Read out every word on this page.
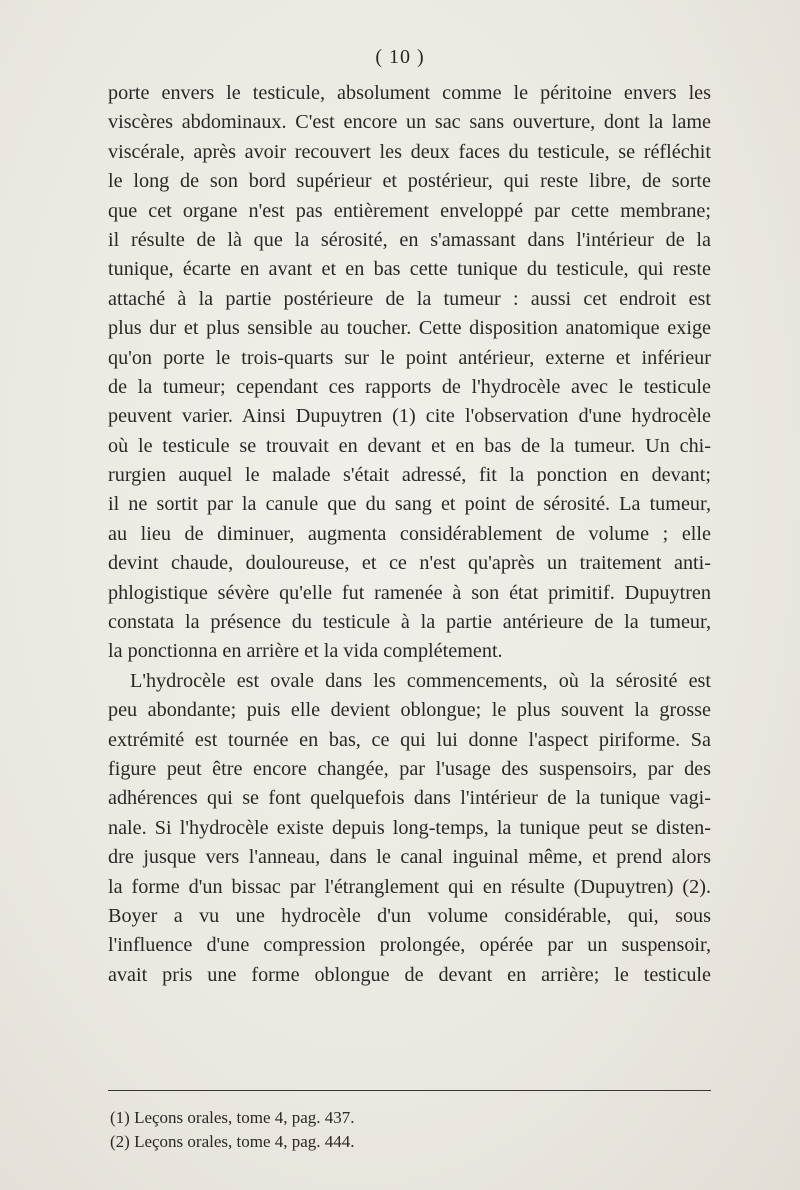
( 10 )
porte envers le testicule, absolument comme le péritoine envers les
viscères abdominaux. C'est encore un sac sans ouverture, dont la lame
viscérale, après avoir recouvert les deux faces du testicule, se réfléchit
le long de son bord supérieur et postérieur, qui reste libre, de sorte
que cet organe n'est pas entièrement enveloppé par cette membrane;
il résulte de là que la sérosité, en s'amassant dans l'intérieur de la
tunique, écarte en avant et en bas cette tunique du testicule, qui reste
attaché à la partie postérieure de la tumeur : aussi cet endroit est
plus dur et plus sensible au toucher. Cette disposition anatomique exige
qu'on porte le trois-quarts sur le point antérieur, externe et inférieur
de la tumeur; cependant ces rapports de l'hydrocèle avec le testicule
peuvent varier. Ainsi Dupuytren (1) cite l'observation d'une hydrocèle
où le testicule se trouvait en devant et en bas de la tumeur. Un chi-
rurgien auquel le malade s'était adressé, fit la ponction en devant;
il ne sortit par la canule que du sang et point de sérosité. La tumeur,
au lieu de diminuer, augmenta considérablement de volume ; elle
devint chaude, douloureuse, et ce n'est qu'après un traitement anti-
phlogistique sévère qu'elle fut ramenée à son état primitif. Dupuytren
constata la présence du testicule à la partie antérieure de la tumeur,
la ponctionna en arrière et la vida complétement.
L'hydrocèle est ovale dans les commencements, où la sérosité est
peu abondante; puis elle devient oblongue; le plus souvent la grosse
extrémité est tournée en bas, ce qui lui donne l'aspect piriforme. Sa
figure peut être encore changée, par l'usage des suspensoirs, par des
adhérences qui se font quelquefois dans l'intérieur de la tunique vagi-
nale. Si l'hydrocèle existe depuis long-temps, la tunique peut se disten-
dre jusque vers l'anneau, dans le canal inguinal même, et prend alors
la forme d'un bissac par l'étranglement qui en résulte (Dupuytren) (2).
Boyer a vu une hydrocèle d'un volume considérable, qui, sous
l'influence d'une compression prolongée, opérée par un suspensoir,
avait pris une forme oblongue de devant en arrière; le testicule
(1) Leçons orales, tome 4, pag. 437.
(2) Leçons orales, tome 4, pag. 444.
